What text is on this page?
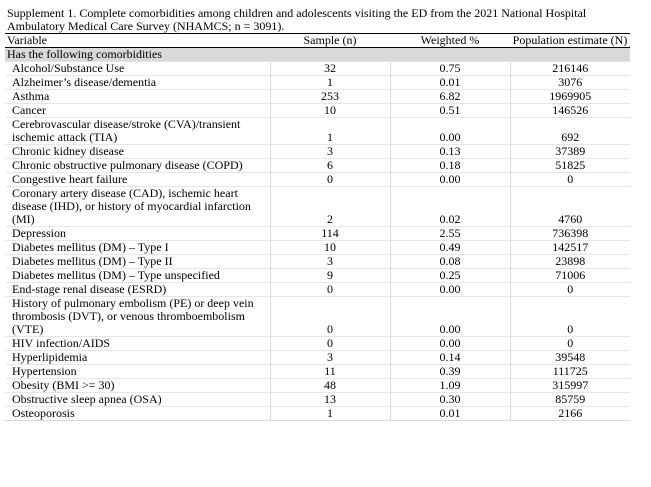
Supplement 1. Complete comorbidities among children and adolescents visiting the ED from the 2021 National Hospital Ambulatory Medical Care Survey (NHAMCS; n = 3091).
Variable	Sample (n)	Weighted %	Population estimate (N)
Has the following comorbidities			
Alcohol/Substance Use	32	0.75	216146
Alzheimer’s disease/dementia	1	0.01	3076
Asthma	253	6.82	1969905
Cancer	10	0.51	146526
Cerebrovascular disease/stroke (CVA)/transient ischemic attack (TIA)	1	0.00	692
Chronic kidney disease	3	0.13	37389
Chronic obstructive pulmonary disease (COPD)	6	0.18	51825
Congestive heart failure	0	0.00	0
Coronary artery disease (CAD), ischemic heart disease (IHD), or history of myocardial infarction (MI)	2	0.02	4760
Depression	114	2.55	736398
Diabetes mellitus (DM) – Type I	10	0.49	142517
Diabetes mellitus (DM) – Type II	3	0.08	23898
Diabetes mellitus (DM) – Type unspecified	9	0.25	71006
End-stage renal disease (ESRD)	0	0.00	0
History of pulmonary embolism (PE) or deep vein thrombosis (DVT), or venous thromboembolism (VTE)	0	0.00	0
HIV infection/AIDS	0	0.00	0
Hyperlipidemia	3	0.14	39548
Hypertension	11	0.39	111725
Obesity (BMI >= 30)	48	1.09	315997
Obstructive sleep apnea (OSA)	13	0.30	85759
Osteoporosis	1	0.01	2166
